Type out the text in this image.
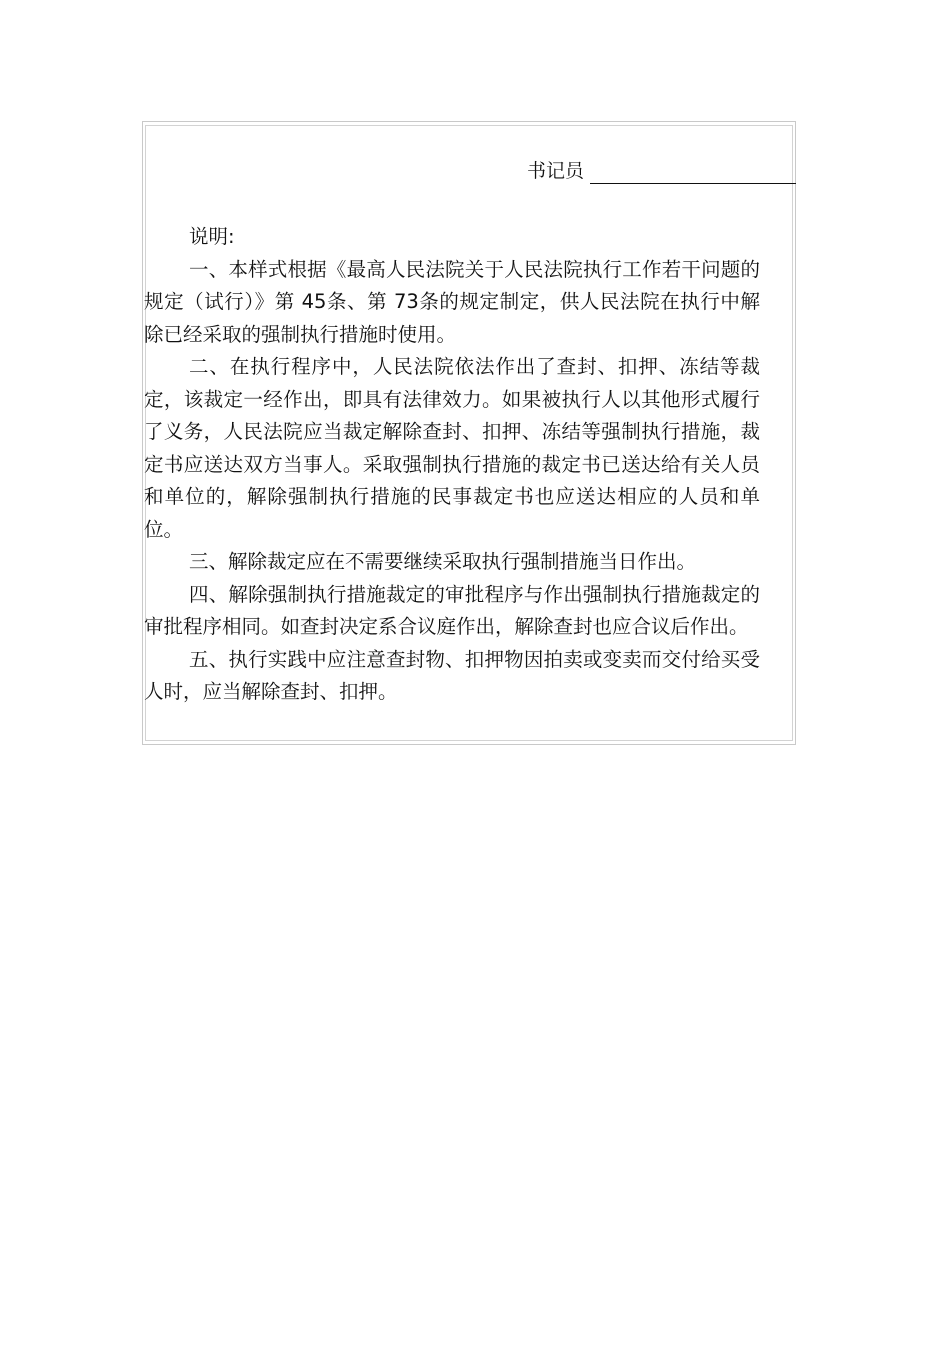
书记员

说明:

一、本样式根据《最高人民法院关于人民法院执行工作若干问题的规定（试行）》第 45条、第 73条的规定制定，供人民法院在执行中解除已经采取的强制执行措施时使用。

二、在执行程序中，人民法院依法作出了查封、扣押、冻结等裁定，该裁定一经作出，即具有法律效力。如果被执行人以其他形式履行了义务，人民法院应当裁定解除查封、扣押、冻结等强制执行措施，裁定书应送达双方当事人。采取强制执行措施的裁定书已送达给有关人员和单位的，解除强制执行措施的民事裁定书也应送达相应的人员和单位。

三、解除裁定应在不需要继续采取执行强制措施当日作出。

四、解除强制执行措施裁定的审批程序与作出强制执行措施裁定的审批程序相同。如查封决定系合议庭作出，解除查封也应合议后作出。

五、执行实践中应注意查封物、扣押物因拍卖或变卖而交付给买受人时，应当解除查封、扣押。
